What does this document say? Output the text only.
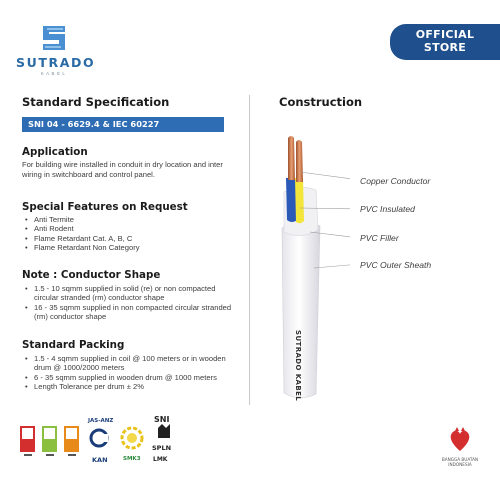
SUTRADO
KABEL
OFFICIAL
STORE
Standard Specification
SNI 04 - 6629.4 & IEC 60227
Application
For building wire installed in conduit in dry location and inter wiring in switchboard and control panel.
Special Features on Request
• Anti Termite
• Anti Rodent
• Flame Retardant Cat. A, B, C
• Flame Retardant Non Category
Note : Conductor Shape
• 1.5 - 10 sqmm supplied in solid (re) or non compacted circular stranded (rm) conductor shape
• 16 - 35 sqmm supplied in non compacted circular stranded (rm) conductor shape
Standard Packing
• 1.5 - 4 sqmm supplied in coil @ 100 meters or in wooden drum @ 1000/2000 meters
• 6 - 35 sqmm supplied in wooden drum @ 1000 meters
• Length Tolerance per drum ± 2%
Construction
SUTRADO KABEL
Copper Conductor
PVC Insulated
PVC Filler
PVC Outer Sheath
JAS-ANZ
KAN	SMK3
SNI
SPLN
LMK	BANGGA BUATAN
INDONESIA
